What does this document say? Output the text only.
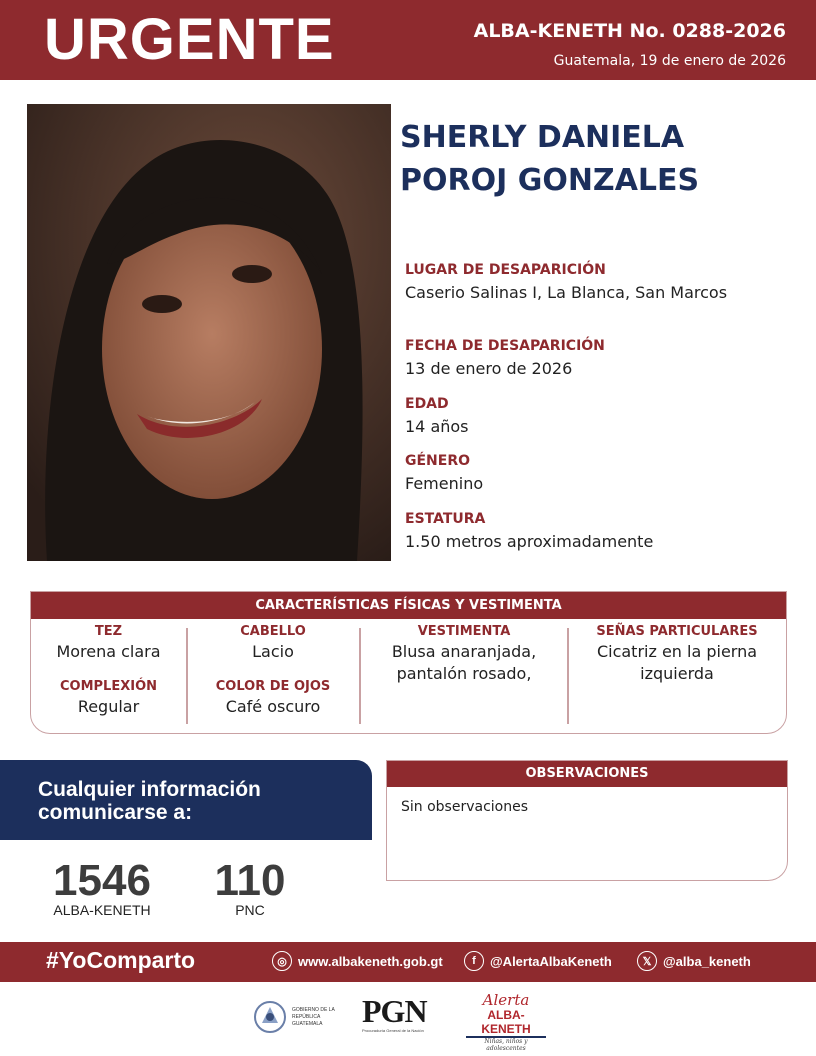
URGENTE	ALBA-KENETH No. 0288-2026
Guatemala, 19 de enero de 2026
SHERLY DANIELA
POROJ GONZALES
LUGAR DE DESAPARICIÓN
Caserio Salinas I, La Blanca, San Marcos
FECHA DE DESAPARICIÓN
13 de enero de 2026
EDAD
14 años
GÉNERO
Femenino
ESTATURA
1.50 metros aproximadamente
CARACTERÍSTICAS FÍSICAS Y VESTIMENTA
TEZ
Morena clara
COMPLEXIÓN
Regular
CABELLO
Lacio
COLOR DE OJOS
Café oscuro
VESTIMENTA
Blusa anaranjada,
pantalón rosado,
SEÑAS PARTICULARES
Cicatriz en la pierna
izquierda
Cualquier información
comunicarse a:
1546
ALBA-KENETH
110
PNC
OBSERVACIONES
Sin observaciones
#YoComparto	◎ www.albakeneth.gob.gt	f	@AlertaAlbaKeneth	𝕏 @alba_keneth
GOBIERNO DE LA REPÚBLICA GUATEMALA	PGN
Procuraduría General de la Nación
Alerta
ALBA-KENETH
Niñas, niños y adolescentes
